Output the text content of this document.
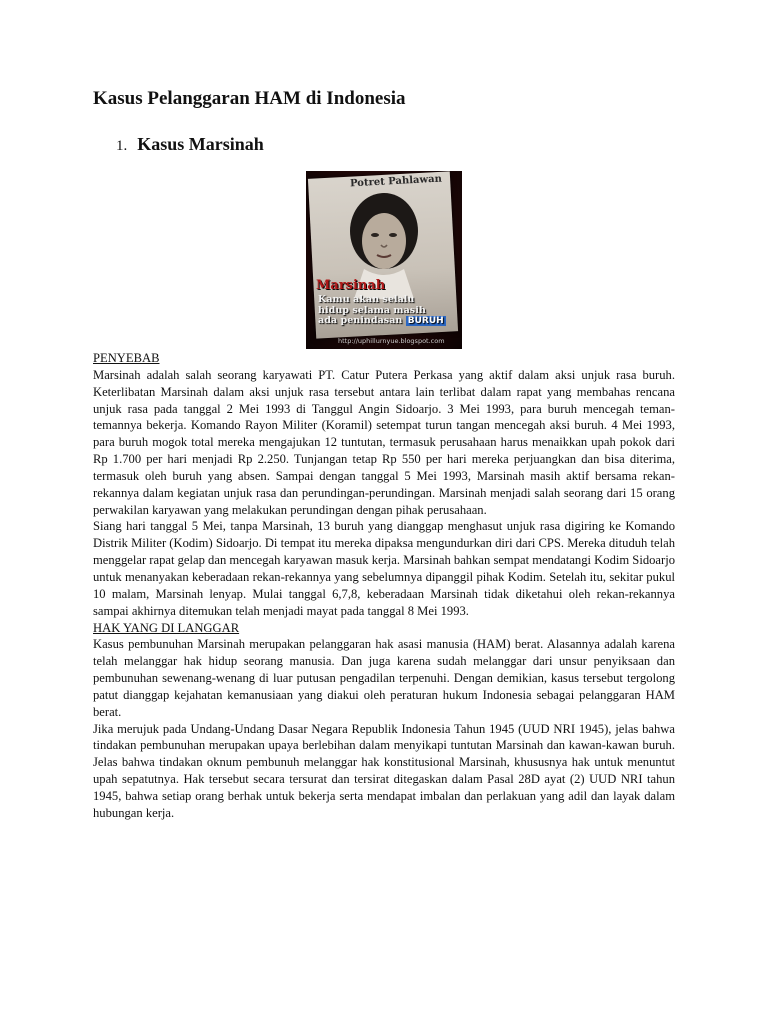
Kasus Pelanggaran HAM di Indonesia
1. Kasus Marsinah
Potret Pahlawan
Marsinah
Kamu akan selalu
hidup selama masih
ada penindasan BURUH
http://uphillurnyue.blogspot.com

PENYEBAB

Marsinah adalah salah seorang karyawati PT. Catur Putera Perkasa yang aktif dalam aksi unjuk rasa buruh. Keterlibatan Marsinah dalam aksi unjuk rasa tersebut antara lain terlibat dalam rapat yang membahas rencana unjuk rasa pada tanggal 2 Mei 1993 di Tanggul Angin Sidoarjo. 3 Mei 1993, para buruh mencegah teman-temannya bekerja. Komando Rayon Militer (Koramil) setempat turun tangan mencegah aksi buruh. 4 Mei 1993, para buruh mogok total mereka mengajukan 12 tuntutan, termasuk perusahaan harus menaikkan upah pokok dari Rp 1.700 per hari menjadi Rp 2.250. Tunjangan tetap Rp 550 per hari mereka perjuangkan dan bisa diterima, termasuk oleh buruh yang absen. Sampai dengan tanggal 5 Mei 1993, Marsinah masih aktif bersama rekan-rekannya dalam kegiatan unjuk rasa dan perundingan-perundingan. Marsinah menjadi salah seorang dari 15 orang perwakilan karyawan yang melakukan perundingan dengan pihak perusahaan.

Siang hari tanggal 5 Mei, tanpa Marsinah, 13 buruh yang dianggap menghasut unjuk rasa digiring ke Komando Distrik Militer (Kodim) Sidoarjo. Di tempat itu mereka dipaksa mengundurkan diri dari CPS. Mereka dituduh telah menggelar rapat gelap dan mencegah karyawan masuk kerja. Marsinah bahkan sempat mendatangi Kodim Sidoarjo untuk menanyakan keberadaan rekan-rekannya yang sebelumnya dipanggil pihak Kodim. Setelah itu, sekitar pukul 10 malam, Marsinah lenyap. Mulai tanggal 6,7,8, keberadaan Marsinah tidak diketahui oleh rekan-rekannya sampai akhirnya ditemukan telah menjadi mayat pada tanggal 8 Mei 1993.

HAK YANG DI LANGGAR

Kasus pembunuhan Marsinah merupakan pelanggaran hak asasi manusia (HAM) berat. Alasannya adalah karena telah melanggar hak hidup seorang manusia. Dan juga karena sudah melanggar dari unsur penyiksaan dan pembunuhan sewenang-wenang di luar putusan pengadilan terpenuhi. Dengan demikian, kasus tersebut tergolong patut dianggap kejahatan kemanusiaan yang diakui oleh peraturan hukum Indonesia sebagai pelanggaran HAM berat.

Jika merujuk pada Undang-Undang Dasar Negara Republik Indonesia Tahun 1945 (UUD NRI 1945), jelas bahwa tindakan pembunuhan merupakan upaya berlebihan dalam menyikapi tuntutan Marsinah dan kawan-kawan buruh. Jelas bahwa tindakan oknum pembunuh melanggar hak konstitusional Marsinah, khususnya hak untuk menuntut upah sepatutnya. Hak tersebut secara tersurat dan tersirat ditegaskan dalam Pasal 28D ayat (2) UUD NRI tahun 1945, bahwa setiap orang berhak untuk bekerja serta mendapat imbalan dan perlakuan yang adil dan layak dalam hubungan kerja.
